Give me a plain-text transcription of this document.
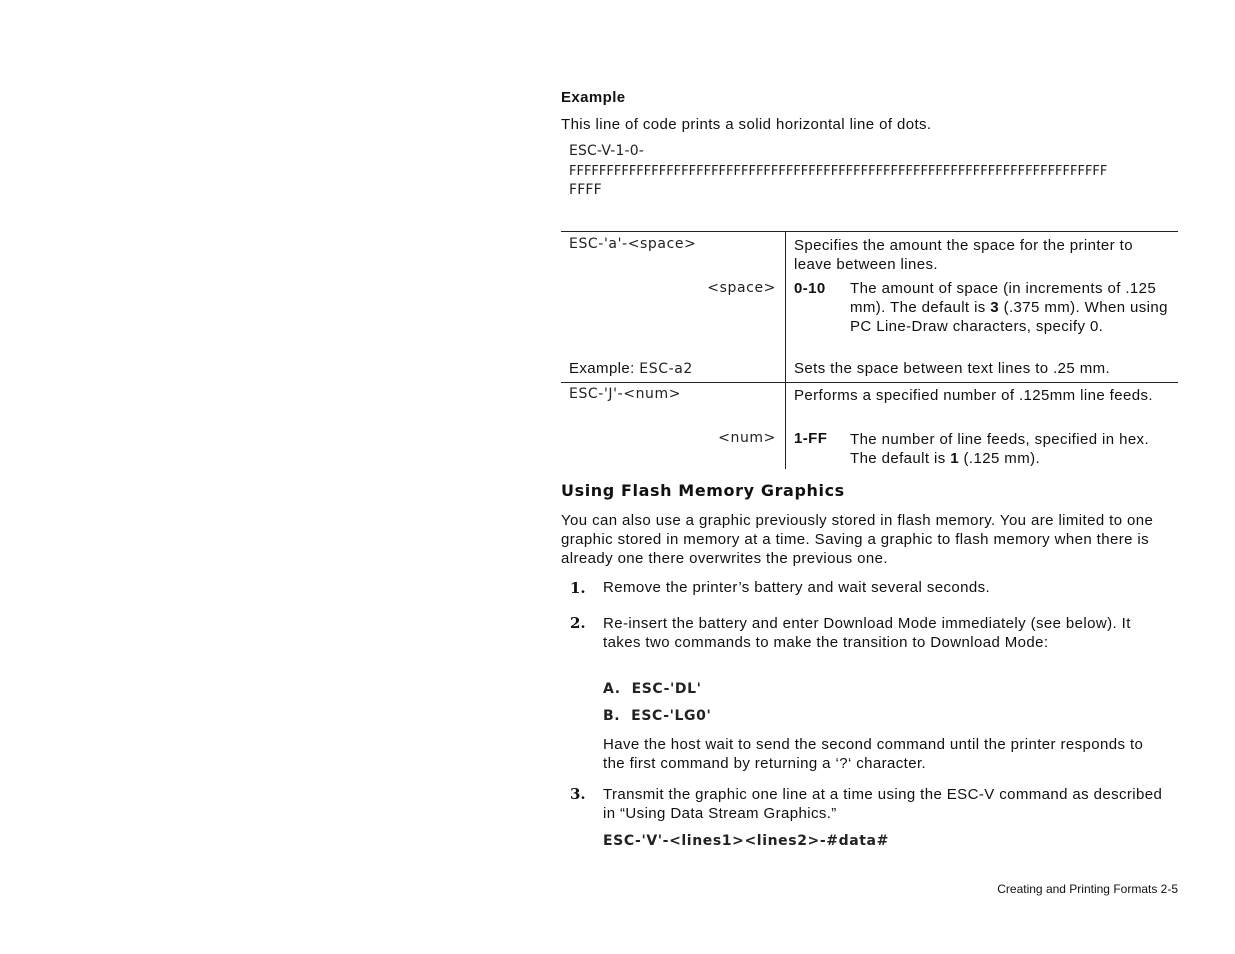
Example
This line of code prints a solid horizontal line of dots.
ESC-V-1-0-
FFFFFFFFFFFFFFFFFFFFFFFFFFFFFFFFFFFFFFFFFFFFFFFFFFFFFFFFFFFFFFFFFFFFFFFF
FFFF
ESC-'a'-<space>	Specifies the amount the space for the printer to leave between lines.
<space> 0-10 The amount of space (in increments of .125 mm). The default is 3 (.375 mm). When using PC Line-Draw characters, specify 0.
Example: ESC-a2	Sets the space between text lines to .25 mm.
ESC-'J'-<num>	Performs a specified number of .125mm line feeds.
<num> 1-FF The number of line feeds, specified in hex. The default is 1 (.125 mm).
Using Flash Memory Graphics
You can also use a graphic previously stored in flash memory. You are limited to one graphic stored in memory at a time. Saving a graphic to flash memory when there is already one there overwrites the previous one.
1. Remove the printer’s battery and wait several seconds.
2. Re-insert the battery and enter Download Mode immediately (see below). It takes two commands to make the transition to Download Mode:
A. ESC-'DL'
B. ESC-'LG0'
Have the host wait to send the second command until the printer responds to the first command by returning a ‘?‘ character.
3. Transmit the graphic one line at a time using the ESC-V command as described in “Using Data Stream Graphics.”
ESC-'V'-<lines1><lines2>-#data#
Creating and Printing Formats 2-5
